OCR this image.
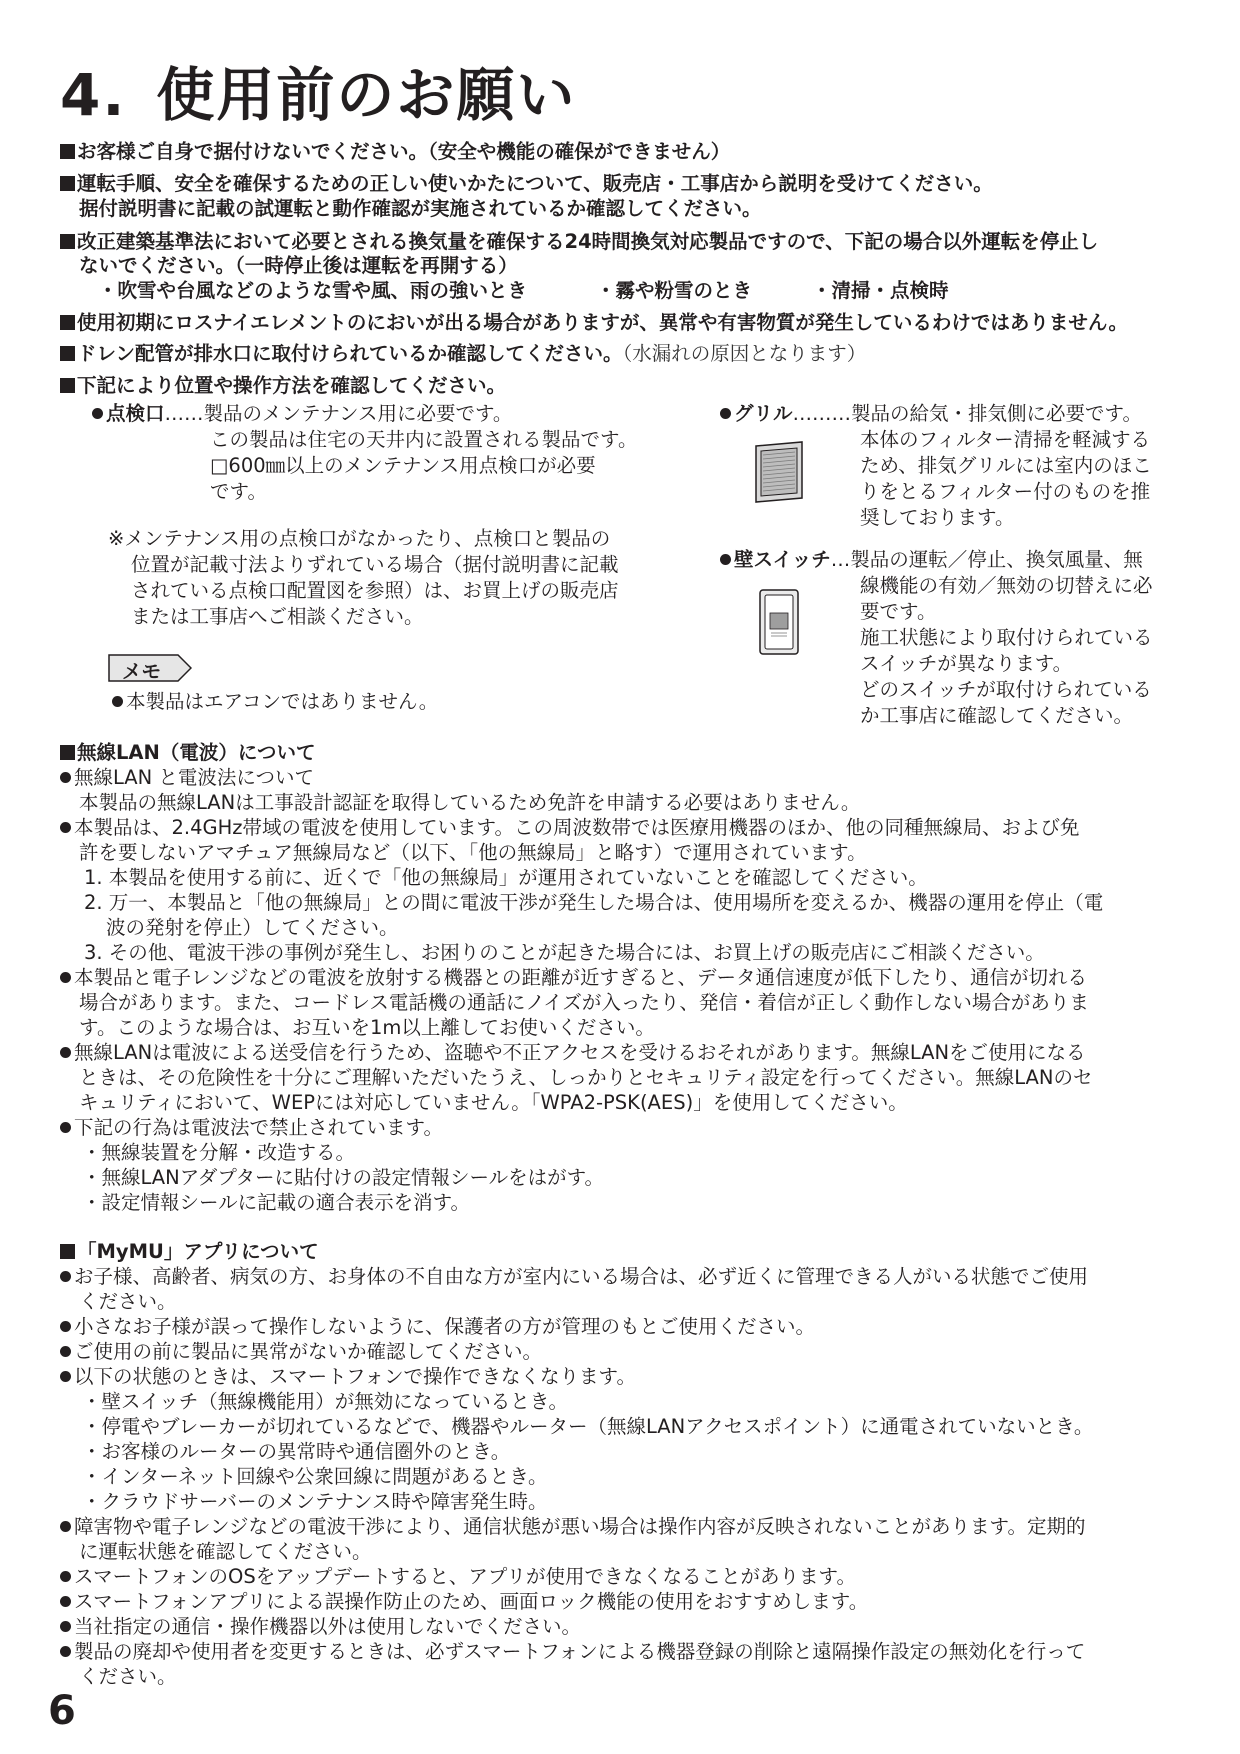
4. 使用前のお願い
お客様ご自身で据付けないでください。（安全や機能の確保ができません）
運転手順、安全を確保するための正しい使いかたについて、販売店・工事店から説明を受けてください。
据付説明書に記載の試運転と動作確認が実施されているか確認してください。
改正建築基準法において必要とされる換気量を確保する24時間換気対応製品ですので、下記の場合以外運転を停止し
ないでください。（一時停止後は運転を再開する）
・吹雪や台風などのような雪や風、雨の強いとき	・霧や粉雪のとき	・清掃・点検時
使用初期にロスナイエレメントのにおいが出る場合がありますが、異常や有害物質が発生しているわけではありません。
ドレン配管が排水口に取付けられているか確認してください。（水漏れの原因となります）
下記により位置や操作方法を確認してください。
点検口……製品のメンテナンス用に必要です。
この製品は住宅の天井内に設置される製品です。
□600㎜以上のメンテナンス用点検口が必要
です。
※メンテナンス用の点検口がなかったり、点検口と製品の
位置が記載寸法よりずれている場合（据付説明書に記載
されている点検口配置図を参照）は、お買上げの販売店
または工事店へご相談ください。
メモ
本製品はエアコンではありません。
グリル………製品の給気・排気側に必要です。
本体のフィルター清掃を軽減する
ため、排気グリルには室内のほこ
りをとるフィルター付のものを推
奨しております。
壁スイッチ…製品の運転／停止、換気風量、無
線機能の有効／無効の切替えに必
要です。
施工状態により取付けられている
スイッチが異なります。
どのスイッチが取付けられている
か工事店に確認してください。
無線LAN（電波）について
無線LAN と電波法について
本製品の無線LANは工事設計認証を取得しているため免許を申請する必要はありません。
本製品は、2.4GHz帯域の電波を使用しています。この周波数帯では医療用機器のほか、他の同種無線局、および免
許を要しないアマチュア無線局など（以下、「他の無線局」と略す）で運用されています。
1. 本製品を使用する前に、近くで「他の無線局」が運用されていないことを確認してください。
2. 万一、本製品と「他の無線局」との間に電波干渉が発生した場合は、使用場所を変えるか、機器の運用を停止（電
波の発射を停止）してください。
3. その他、電波干渉の事例が発生し、お困りのことが起きた場合には、お買上げの販売店にご相談ください。
本製品と電子レンジなどの電波を放射する機器との距離が近すぎると、データ通信速度が低下したり、通信が切れる
場合があります。また、コードレス電話機の通話にノイズが入ったり、発信・着信が正しく動作しない場合がありま
す。このような場合は、お互いを1m以上離してお使いください。
無線LANは電波による送受信を行うため、盗聴や不正アクセスを受けるおそれがあります。無線LANをご使用になる
ときは、その危険性を十分にご理解いただいたうえ、しっかりとセキュリティ設定を行ってください。無線LANのセ
キュリティにおいて、WEPには対応していません。「WPA2-PSK(AES)」を使用してください。
下記の行為は電波法で禁止されています。
・無線装置を分解・改造する。
・無線LANアダプターに貼付けの設定情報シールをはがす。
・設定情報シールに記載の適合表示を消す。
「MyMU」アプリについて
お子様、高齢者、病気の方、お身体の不自由な方が室内にいる場合は、必ず近くに管理できる人がいる状態でご使用
ください。
小さなお子様が誤って操作しないように、保護者の方が管理のもとご使用ください。
ご使用の前に製品に異常がないか確認してください。
以下の状態のときは、スマートフォンで操作できなくなります。
・壁スイッチ（無線機能用）が無効になっているとき。
・停電やブレーカーが切れているなどで、機器やルーター（無線LANアクセスポイント）に通電されていないとき。
・お客様のルーターの異常時や通信圏外のとき。
・インターネット回線や公衆回線に問題があるとき。
・クラウドサーバーのメンテナンス時や障害発生時。
障害物や電子レンジなどの電波干渉により、通信状態が悪い場合は操作内容が反映されないことがあります。定期的
に運転状態を確認してください。
スマートフォンのOSをアップデートすると、アプリが使用できなくなることがあります。
スマートフォンアプリによる誤操作防止のため、画面ロック機能の使用をおすすめします。
当社指定の通信・操作機器以外は使用しないでください。
製品の廃却や使用者を変更するときは、必ずスマートフォンによる機器登録の削除と遠隔操作設定の無効化を行って
ください。
6
